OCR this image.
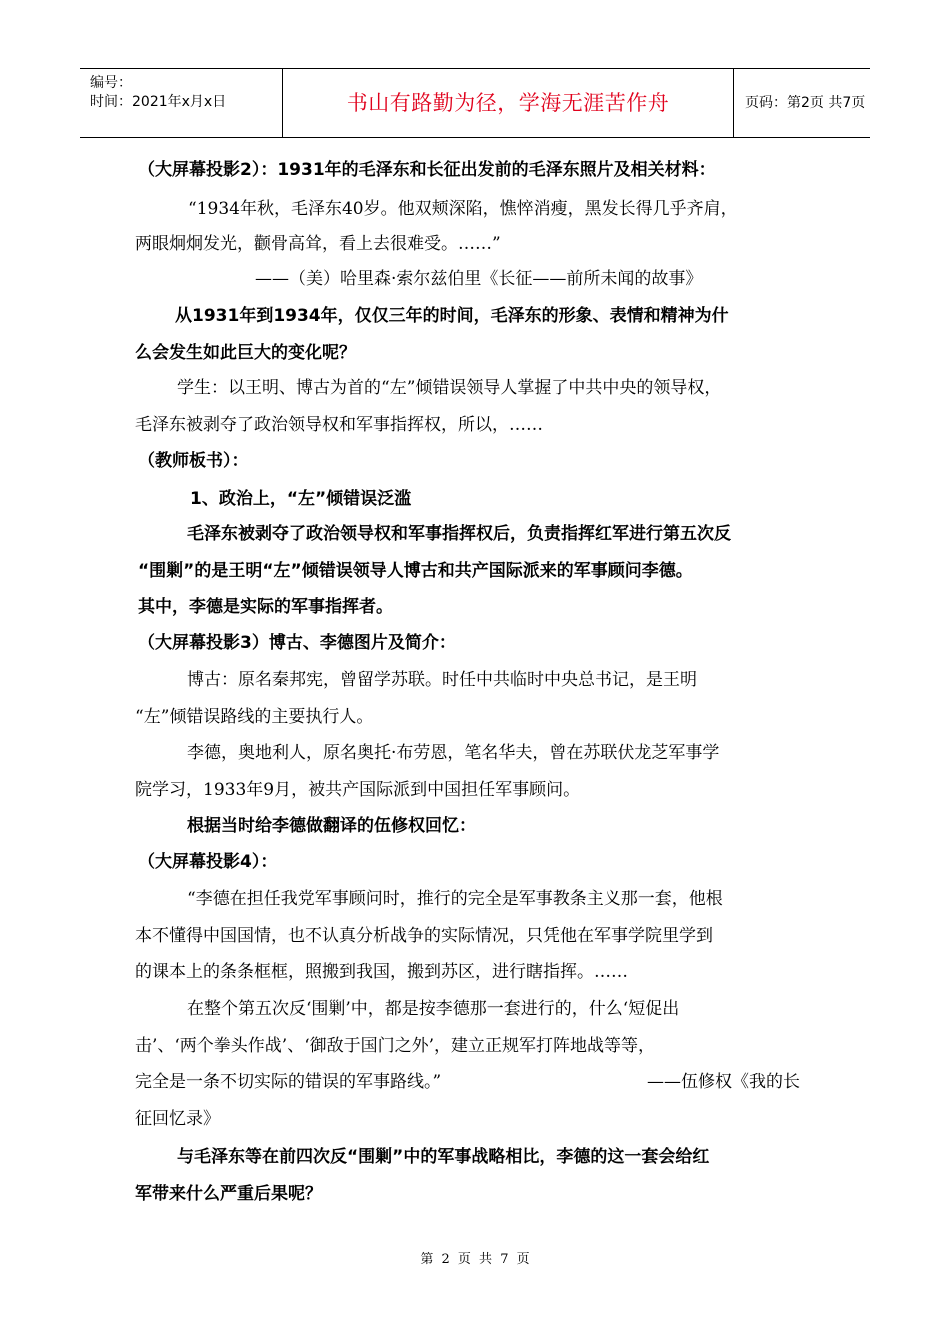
编号：
时间：2021年x月x日	书山有路勤为径，学海无涯苦作舟	页码：第2页 共7页
（大屏幕投影2）：1931年的毛泽东和长征出发前的毛泽东照片及相关材料：
“1934年秋，毛泽东40岁。他双颊深陷，憔悴消瘦，黑发长得几乎齐肩，
两眼炯炯发光，颧骨高耸，看上去很难受。……”
——（美）哈里森·索尔兹伯里《长征——前所未闻的故事》
从1931年到1934年，仅仅三年的时间，毛泽东的形象、表情和精神为什
么会发生如此巨大的变化呢？
学生：以王明、博古为首的“左”倾错误领导人掌握了中共中央的领导权，
毛泽东被剥夺了政治领导权和军事指挥权，所以，……
（教师板书）：
1、政治上，“左”倾错误泛滥
毛泽东被剥夺了政治领导权和军事指挥权后，负责指挥红军进行第五次反
“围剿”的是王明“左”倾错误领导人博古和共产国际派来的军事顾问李德。
其中，李德是实际的军事指挥者。
（大屏幕投影3）博古、李德图片及简介：
博古：原名秦邦宪，曾留学苏联。时任中共临时中央总书记，是王明
“左”倾错误路线的主要执行人。
李德，奥地利人，原名奥托·布劳恩，笔名华夫，曾在苏联伏龙芝军事学
院学习，1933年9月，被共产国际派到中国担任军事顾问。
根据当时给李德做翻译的伍修权回忆：
（大屏幕投影4）：
“李德在担任我党军事顾问时，推行的完全是军事教条主义那一套，他根
本不懂得中国国情，也不认真分析战争的实际情况，只凭他在军事学院里学到
的课本上的条条框框，照搬到我国，搬到苏区，进行瞎指挥。……
在整个第五次反‘围剿’中，都是按李德那一套进行的，什么‘短促出
击’、‘两个拳头作战’、‘御敌于国门之外’，建立正规军打阵地战等等，
完全是一条不切实际的错误的军事路线。”	——伍修权《我的长
征回忆录》
与毛泽东等在前四次反“围剿”中的军事战略相比，李德的这一套会给红
军带来什么严重后果呢？
第 2 页 共 7 页
